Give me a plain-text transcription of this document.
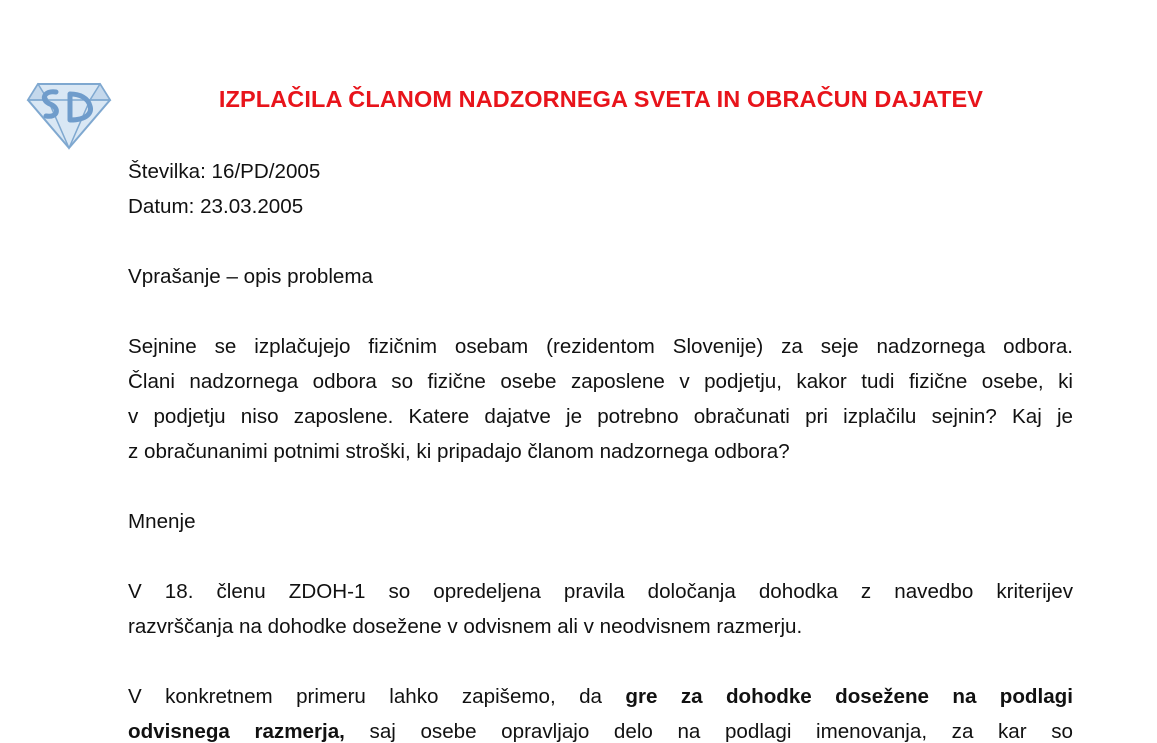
IZPLAČILA ČLANOM NADZORNEGA SVETA IN OBRAČUN DAJATEV
Številka: 16/PD/2005
Datum: 23.03.2005
Vprašanje – opis problema
Sejnine se izplačujejo fizičnim osebam (rezidentom Slovenije) za seje nadzornega odbora.
Člani nadzornega odbora so fizične osebe zaposlene v podjetju, kakor tudi fizične osebe, ki
v podjetju niso zaposlene. Katere dajatve je potrebno obračunati pri izplačilu sejnin? Kaj je
z obračunanimi potnimi stroški, ki pripadajo članom nadzornega odbora?
Mnenje
V 18. členu ZDOH-1 so opredeljena pravila določanja dohodka z navedbo kriterijev
razvrščanja na dohodke dosežene v odvisnem ali v neodvisnem razmerju.
V konkretnem primeru lahko zapišemo, da gre za dohodke dosežene na podlagi
odvisnega razmerja, saj osebe opravljajo delo na podlagi imenovanja, za kar so
